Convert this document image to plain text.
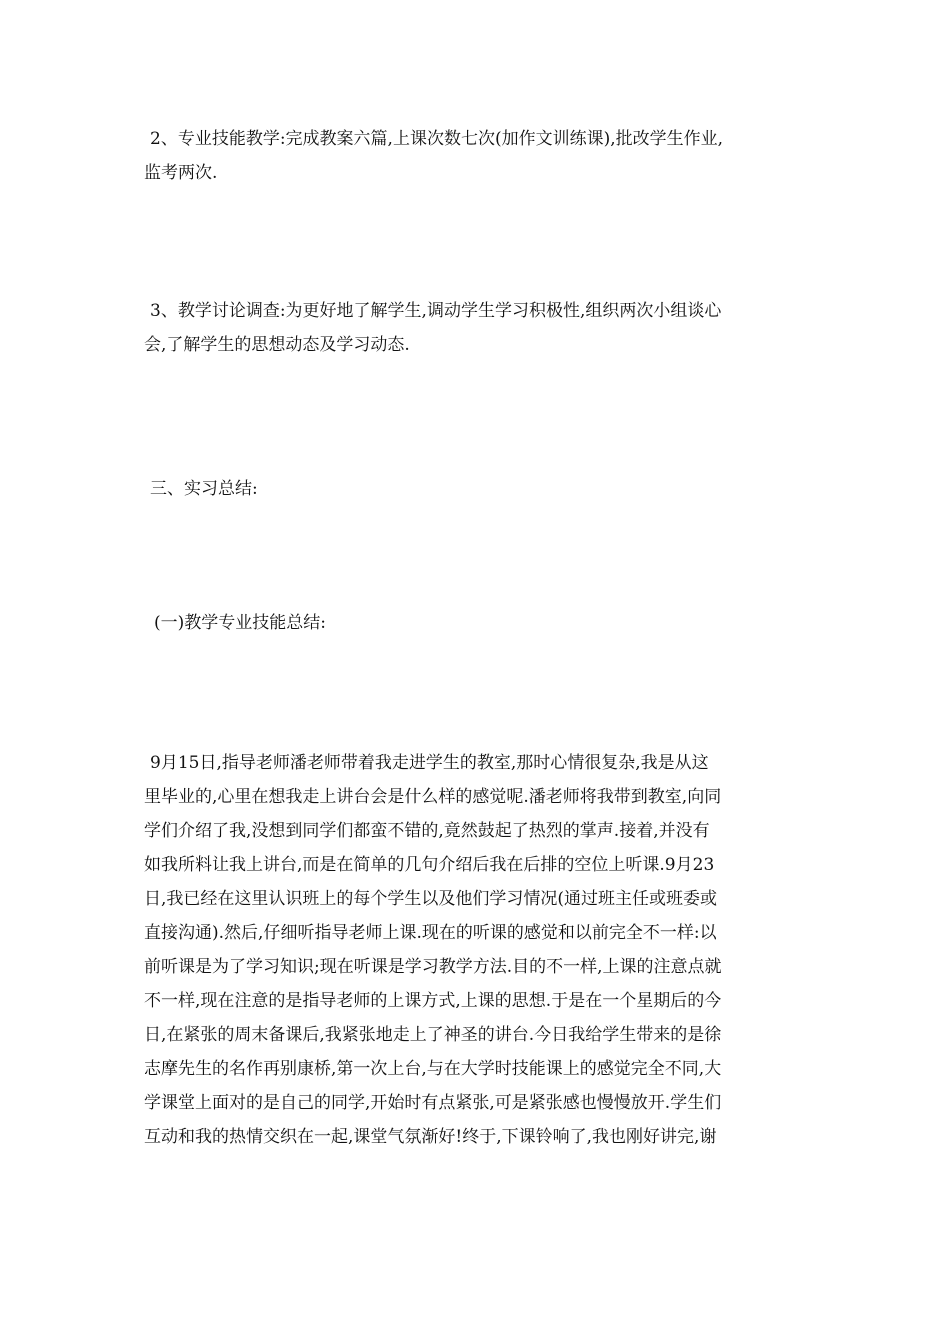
2、专业技能教学:完成教案六篇,上课次数七次(加作文训练课),批改学生作业,
监考两次.
3、教学讨论调查:为更好地了解学生,调动学生学习积极性,组织两次小组谈心
会,了解学生的思想动态及学习动态.
三、实习总结:
(一)教学专业技能总结:
9月15日,指导老师潘老师带着我走进学生的教室,那时心情很复杂,我是从这
里毕业的,心里在想我走上讲台会是什么样的感觉呢.潘老师将我带到教室,向同
学们介绍了我,没想到同学们都蛮不错的,竟然鼓起了热烈的掌声.接着,并没有
如我所料让我上讲台,而是在简单的几句介绍后我在后排的空位上听课.9月23
日,我已经在这里认识班上的每个学生以及他们学习情况(通过班主任或班委或
直接沟通).然后,仔细听指导老师上课.现在的听课的感觉和以前完全不一样:以
前听课是为了学习知识;现在听课是学习教学方法.目的不一样,上课的注意点就
不一样,现在注意的是指导老师的上课方式,上课的思想.于是在一个星期后的今
日,在紧张的周末备课后,我紧张地走上了神圣的讲台.今日我给学生带来的是徐
志摩先生的名作再别康桥,第一次上台,与在大学时技能课上的感觉完全不同,大
学课堂上面对的是自己的同学,开始时有点紧张,可是紧张感也慢慢放开.学生们
互动和我的热情交织在一起,课堂气氛渐好!终于,下课铃响了,我也刚好讲完,谢
